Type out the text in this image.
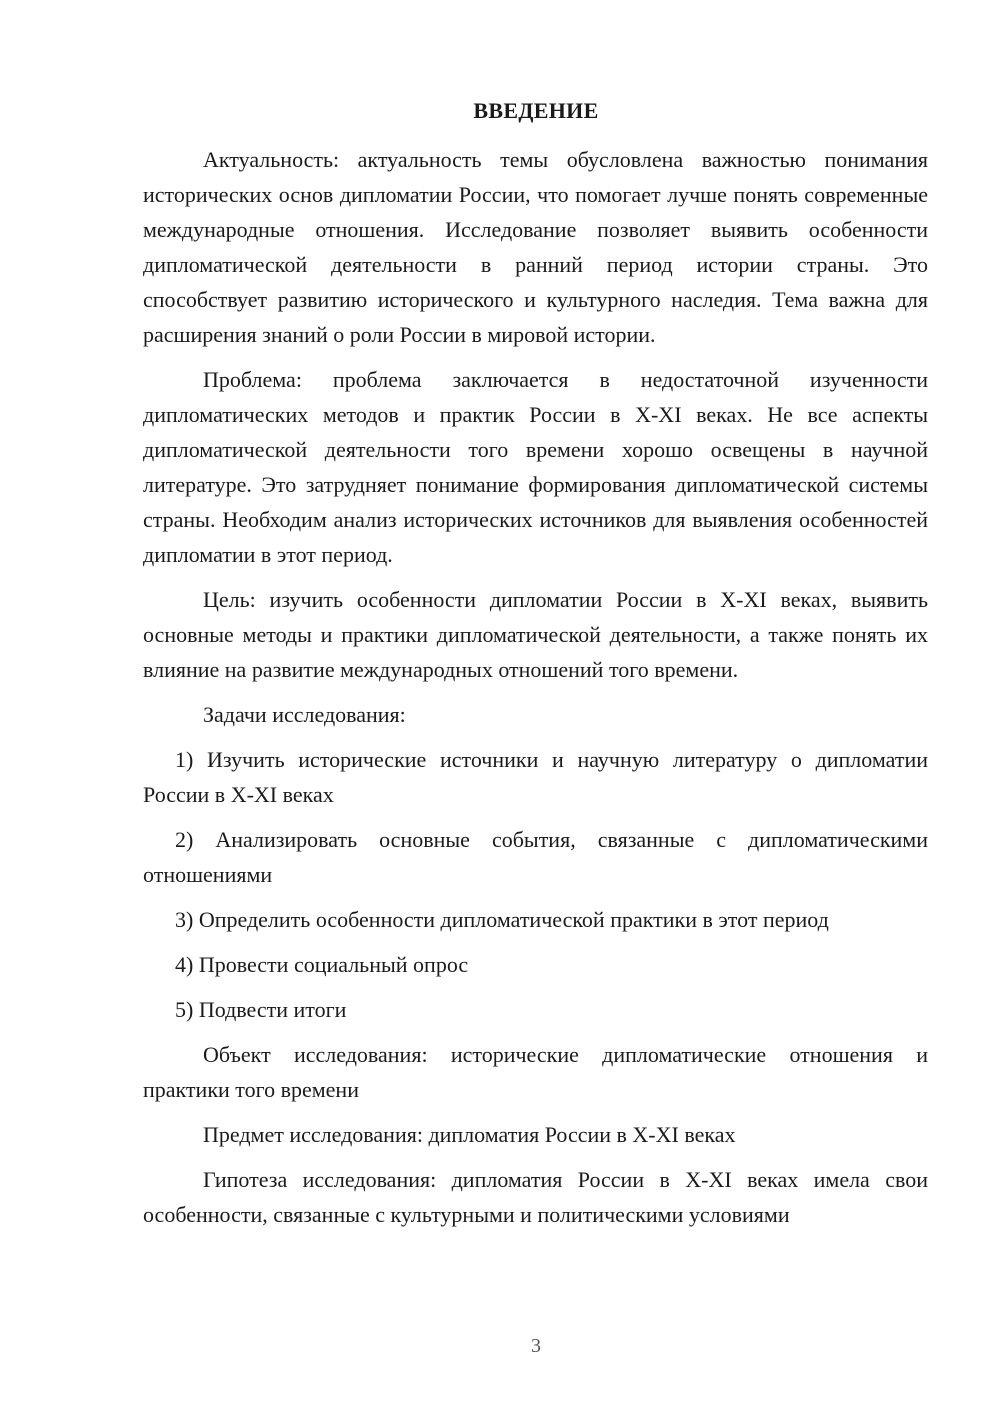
ВВЕДЕНИЕ

Актуальность: актуальность темы обусловлена важностью понимания исторических основ дипломатии России, что помогает лучше понять современные международные отношения. Исследование позволяет выявить особенности дипломатической деятельности в ранний период истории страны. Это способствует развитию исторического и культурного наследия. Тема важна для расширения знаний о роли России в мировой истории.

Проблема: проблема заключается в недостаточной изученности дипломатических методов и практик России в X-XI веках. Не все аспекты дипломатической деятельности того времени хорошо освещены в научной литературе. Это затрудняет понимание формирования дипломатической системы страны. Необходим анализ исторических источников для выявления особенностей дипломатии в этот период.

Цель: изучить особенности дипломатии России в X-XI веках, выявить основные методы и практики дипломатической деятельности, а также понять их влияние на развитие международных отношений того времени.

Задачи исследования:

1) Изучить исторические источники и научную литературу о дипломатии России в X-XI веках

2) Анализировать основные события, связанные с дипломатическими отношениями

3) Определить особенности дипломатической практики в этот период

4) Провести социальный опрос

5) Подвести итоги

Объект исследования: исторические дипломатические отношения и практики того времени

Предмет исследования: дипломатия России в X-XI веках

Гипотеза исследования: дипломатия России в X-XI веках имела свои особенности, связанные с культурными и политическими условиями

3
